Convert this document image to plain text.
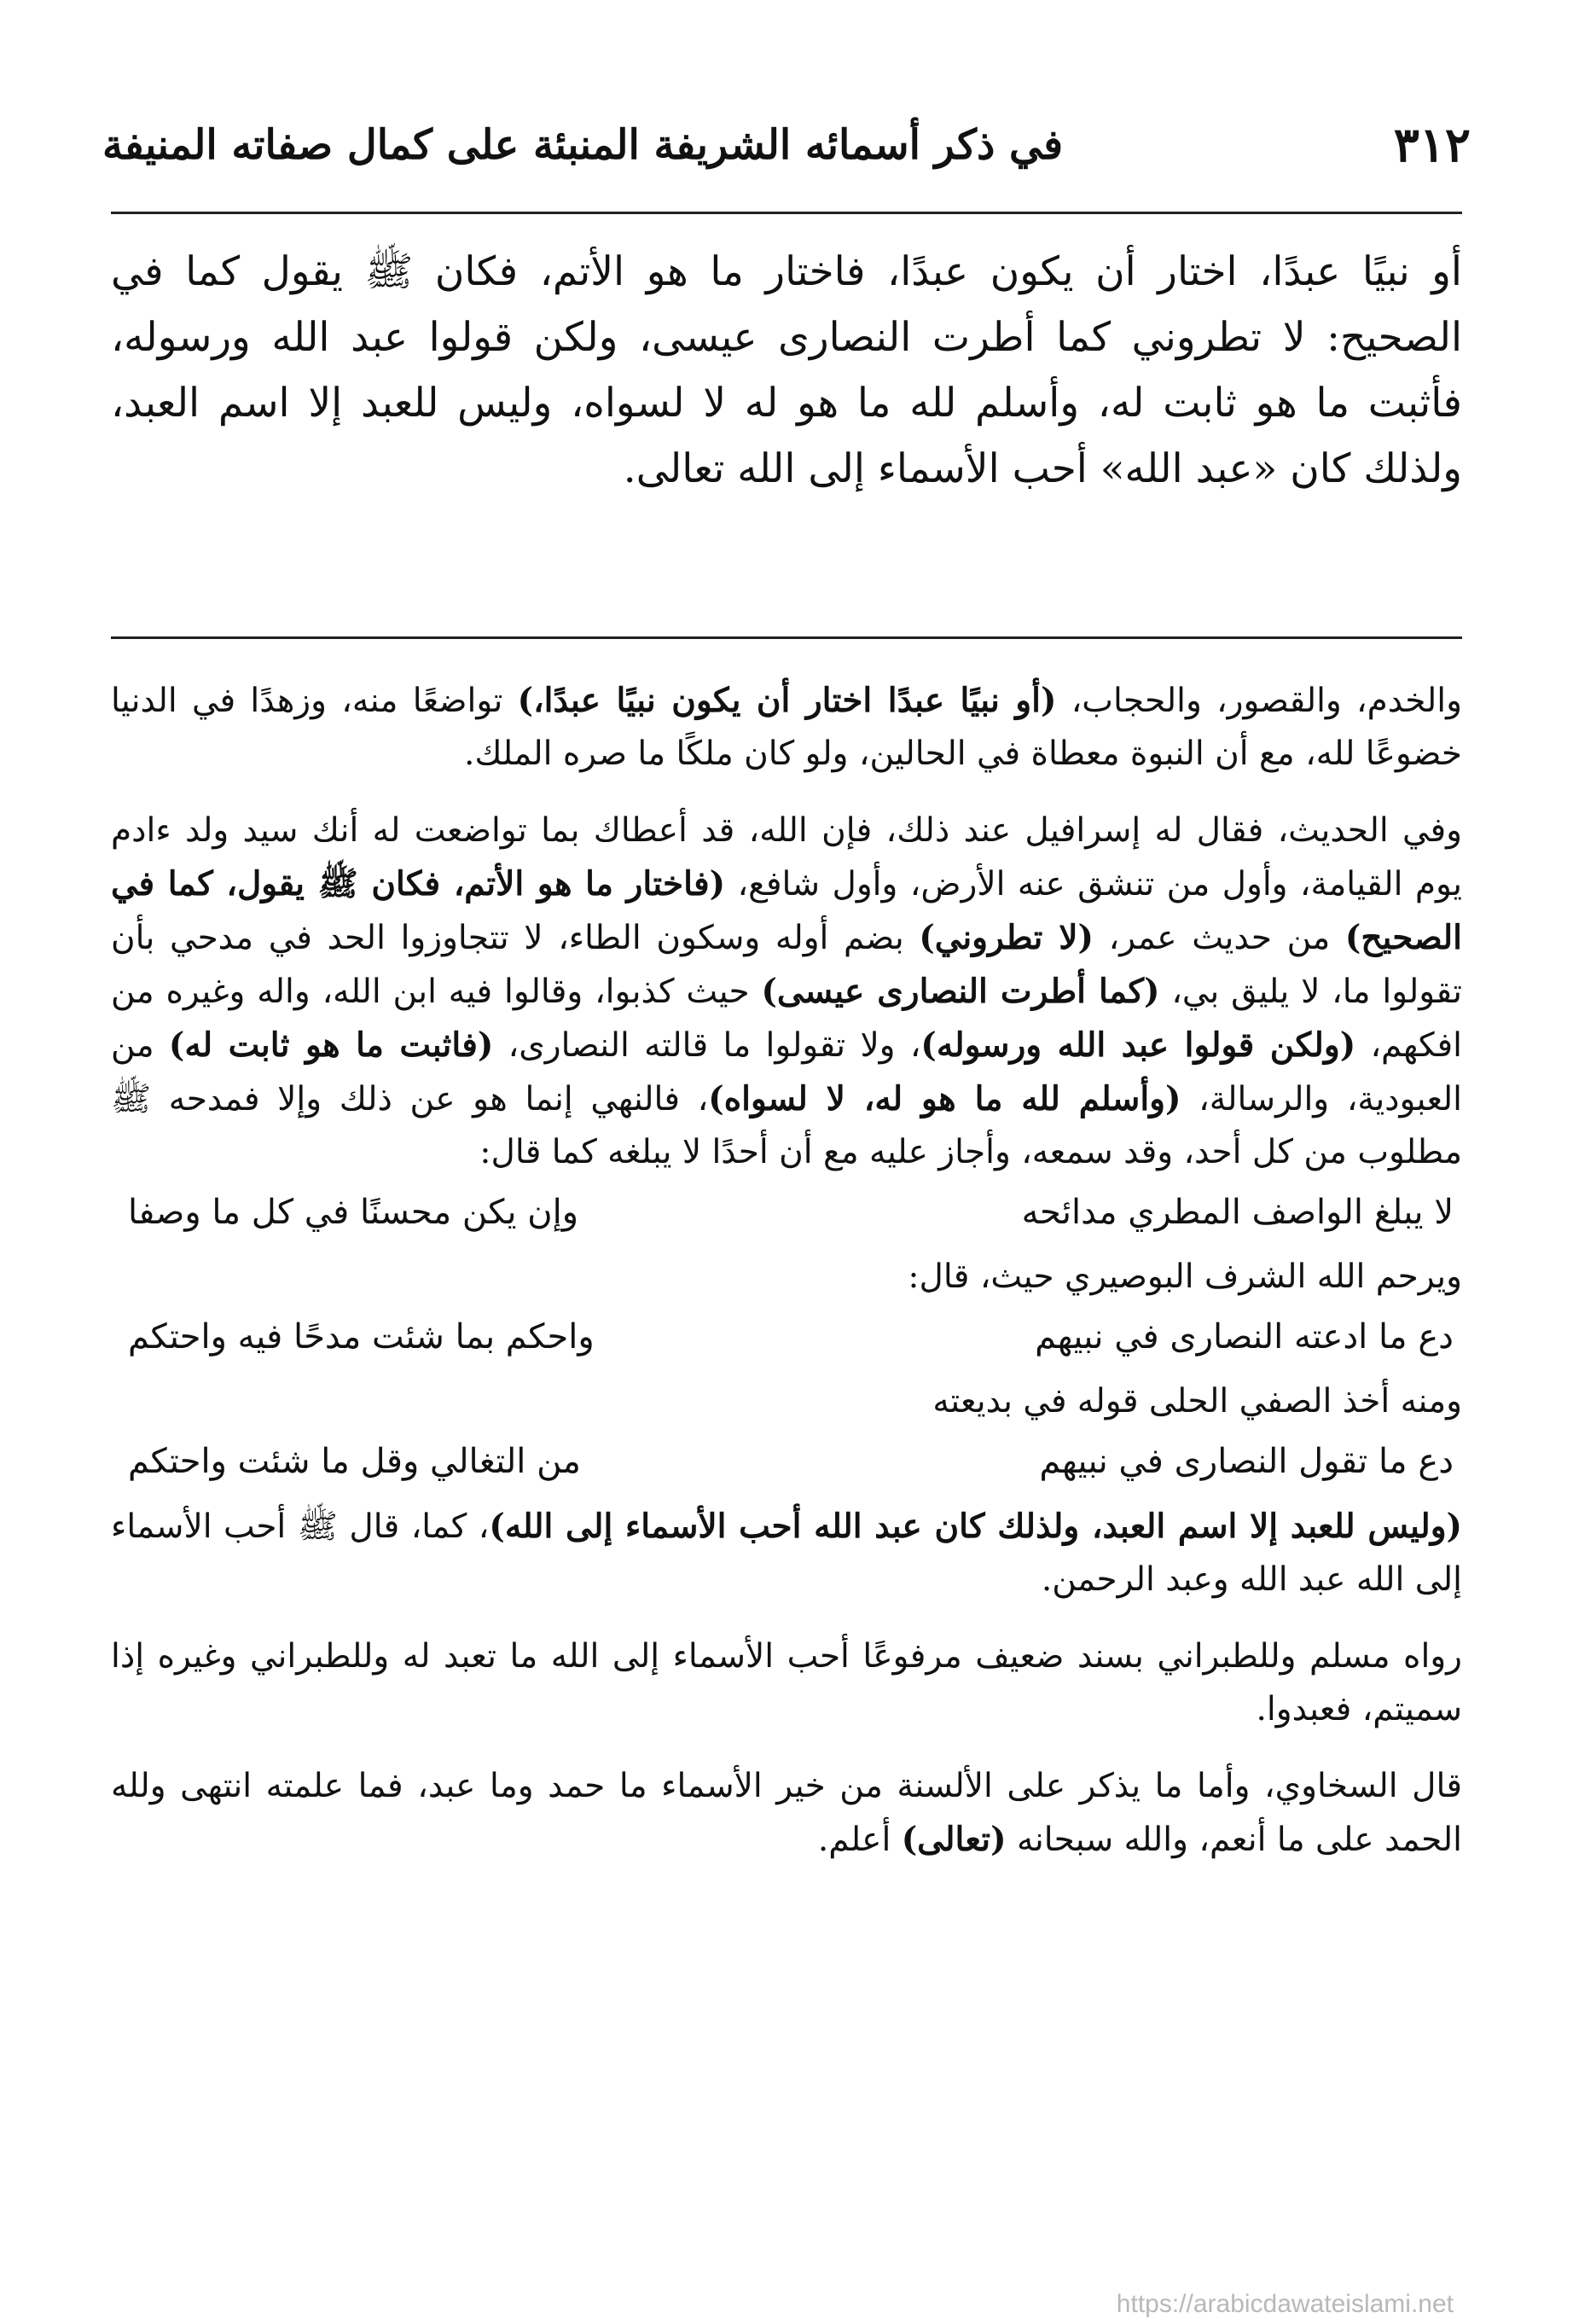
٣١٢
في ذكر أسمائه الشريفة المنبئة على كمال صفاته المنيفة

أو نبيًا عبدًا، اختار أن يكون عبدًا، فاختار ما هو الأتم، فكان ﷺ يقول كما في الصحيح: لا تطروني كما أطرت النصارى عيسى، ولكن قولوا عبد الله ورسوله، فأثبت ما هو ثابت له، وأسلم لله ما هو له لا لسواه، وليس للعبد إلا اسم العبد، ولذلك كان «عبد الله» أحب الأسماء إلى الله تعالى.

والخدم، والقصور، والحجاب، (أو نبيًا عبدًا اختار أن يكون نبيًا عبدًا،) تواضعًا منه، وزهدًا في الدنيا خضوعًا لله، مع أن النبوة معطاة في الحالين، ولو كان ملكًا ما صره الملك.

وفي الحديث، فقال له إسرافيل عند ذلك، فإن الله، قد أعطاك بما تواضعت له أنك سيد ولد ءادم يوم القيامة، وأول من تنشق عنه الأرض، وأول شافع، (فاختار ما هو الأتم، فكان ﷺ يقول، كما في الصحيح) من حديث عمر، (لا تطروني) بضم أوله وسكون الطاء، لا تتجاوزوا الحد في مدحي بأن تقولوا ما، لا يليق بي، (كما أطرت النصارى عيسى) حيث كذبوا، وقالوا فيه ابن الله، واله وغيره من افكهم، (ولكن قولوا عبد الله ورسوله)، ولا تقولوا ما قالته النصارى، (فاثبت ما هو ثابت له) من العبودية، والرسالة، (وأسلم لله ما هو له، لا لسواه)، فالنهي إنما هو عن ذلك وإلا فمدحه ﷺ مطلوب من كل أحد، وقد سمعه، وأجاز عليه مع أن أحدًا لا يبلغه كما قال:

لا يبلغ الواصف المطري مدائحه
وإن يكن محسنًا في كل ما وصفا

ويرحم الله الشرف البوصيري حيث، قال:

دع ما ادعته النصارى في نبيهم
واحكم بما شئت مدحًا فيه واحتكم

ومنه أخذ الصفي الحلى قوله في بديعته

دع ما تقول النصارى في نبيهم
من التغالي وقل ما شئت واحتكم

(وليس للعبد إلا اسم العبد، ولذلك كان عبد الله أحب الأسماء إلى الله)، كما، قال ﷺ أحب الأسماء إلى الله عبد الله وعبد الرحمن.

رواه مسلم وللطبراني بسند ضعيف مرفوعًا أحب الأسماء إلى الله ما تعبد له وللطبراني وغيره إذا سميتم، فعبدوا.

قال السخاوي، وأما ما يذكر على الألسنة من خير الأسماء ما حمد وما عبد، فما علمته انتهى ولله الحمد على ما أنعم، والله سبحانه (تعالى) أعلم.

https://arabicdawateislami.net
